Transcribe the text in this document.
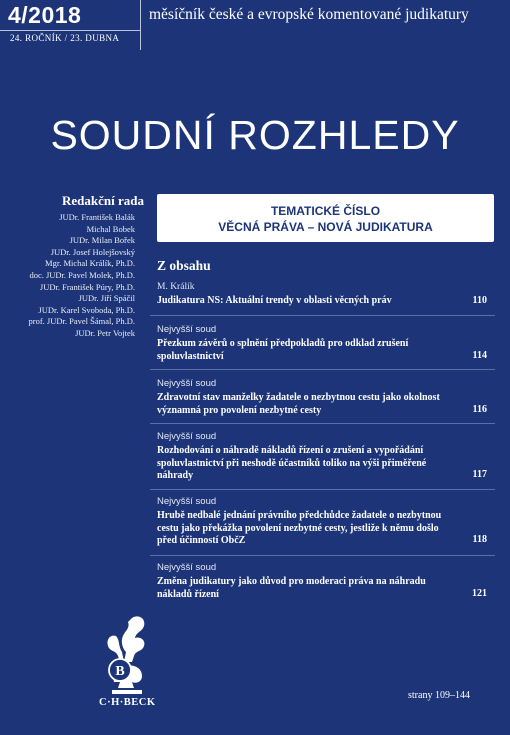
4/2018
24. ROČNÍK / 23. DUBNA
měsíčník české a evropské komentované judikatury
SOUDNÍ ROZHLEDY
Redakční rada
JUDr. František Balák
Michal Bobek
JUDr. Milan Bořek
JUDr. Josef Holejšovský
Mgr. Michal Králík, Ph.D.
doc. JUDr. Pavel Molek, Ph.D.
JUDr. František Púry, Ph.D.
JUDr. Jiří Spáčil
JUDr. Karel Svoboda, Ph.D.
prof. JUDr. Pavel Šámal, Ph.D.
JUDr. Petr Vojtek
TEMATICKÉ ČÍSLO
VĚCNÁ PRÁVA – NOVÁ JUDIKATURA
Z obsahu
M. Králík
Judikatura NS: Aktuální trendy v oblasti věcných práv	110
Nejvyšší soud
Přezkum závěrů o splnění předpokladů pro odklad zrušení spoluvlastnictví	114
Nejvyšší soud
Zdravotní stav manželky žadatele o nezbytnou cestu jako okolnost významná pro povolení nezbytné cesty	116
Nejvyšší soud
Rozhodování o náhradě nákladů řízení o zrušení a vypořádání spoluvlastnictví při neshodě účastníků toliko na výši přiměřené náhrady	117
Nejvyšší soud
Hrubě nedbalé jednání právního předchůdce žadatele o nezbytnou cestu jako překážka povolení nezbytné cesty, jestliže k němu došlo před účinností ObčZ	118
Nejvyšší soud
Změna judikatury jako důvod pro moderaci práva na náhradu nákladů řízení	121
B
C·H·BECK
strany 109–144
